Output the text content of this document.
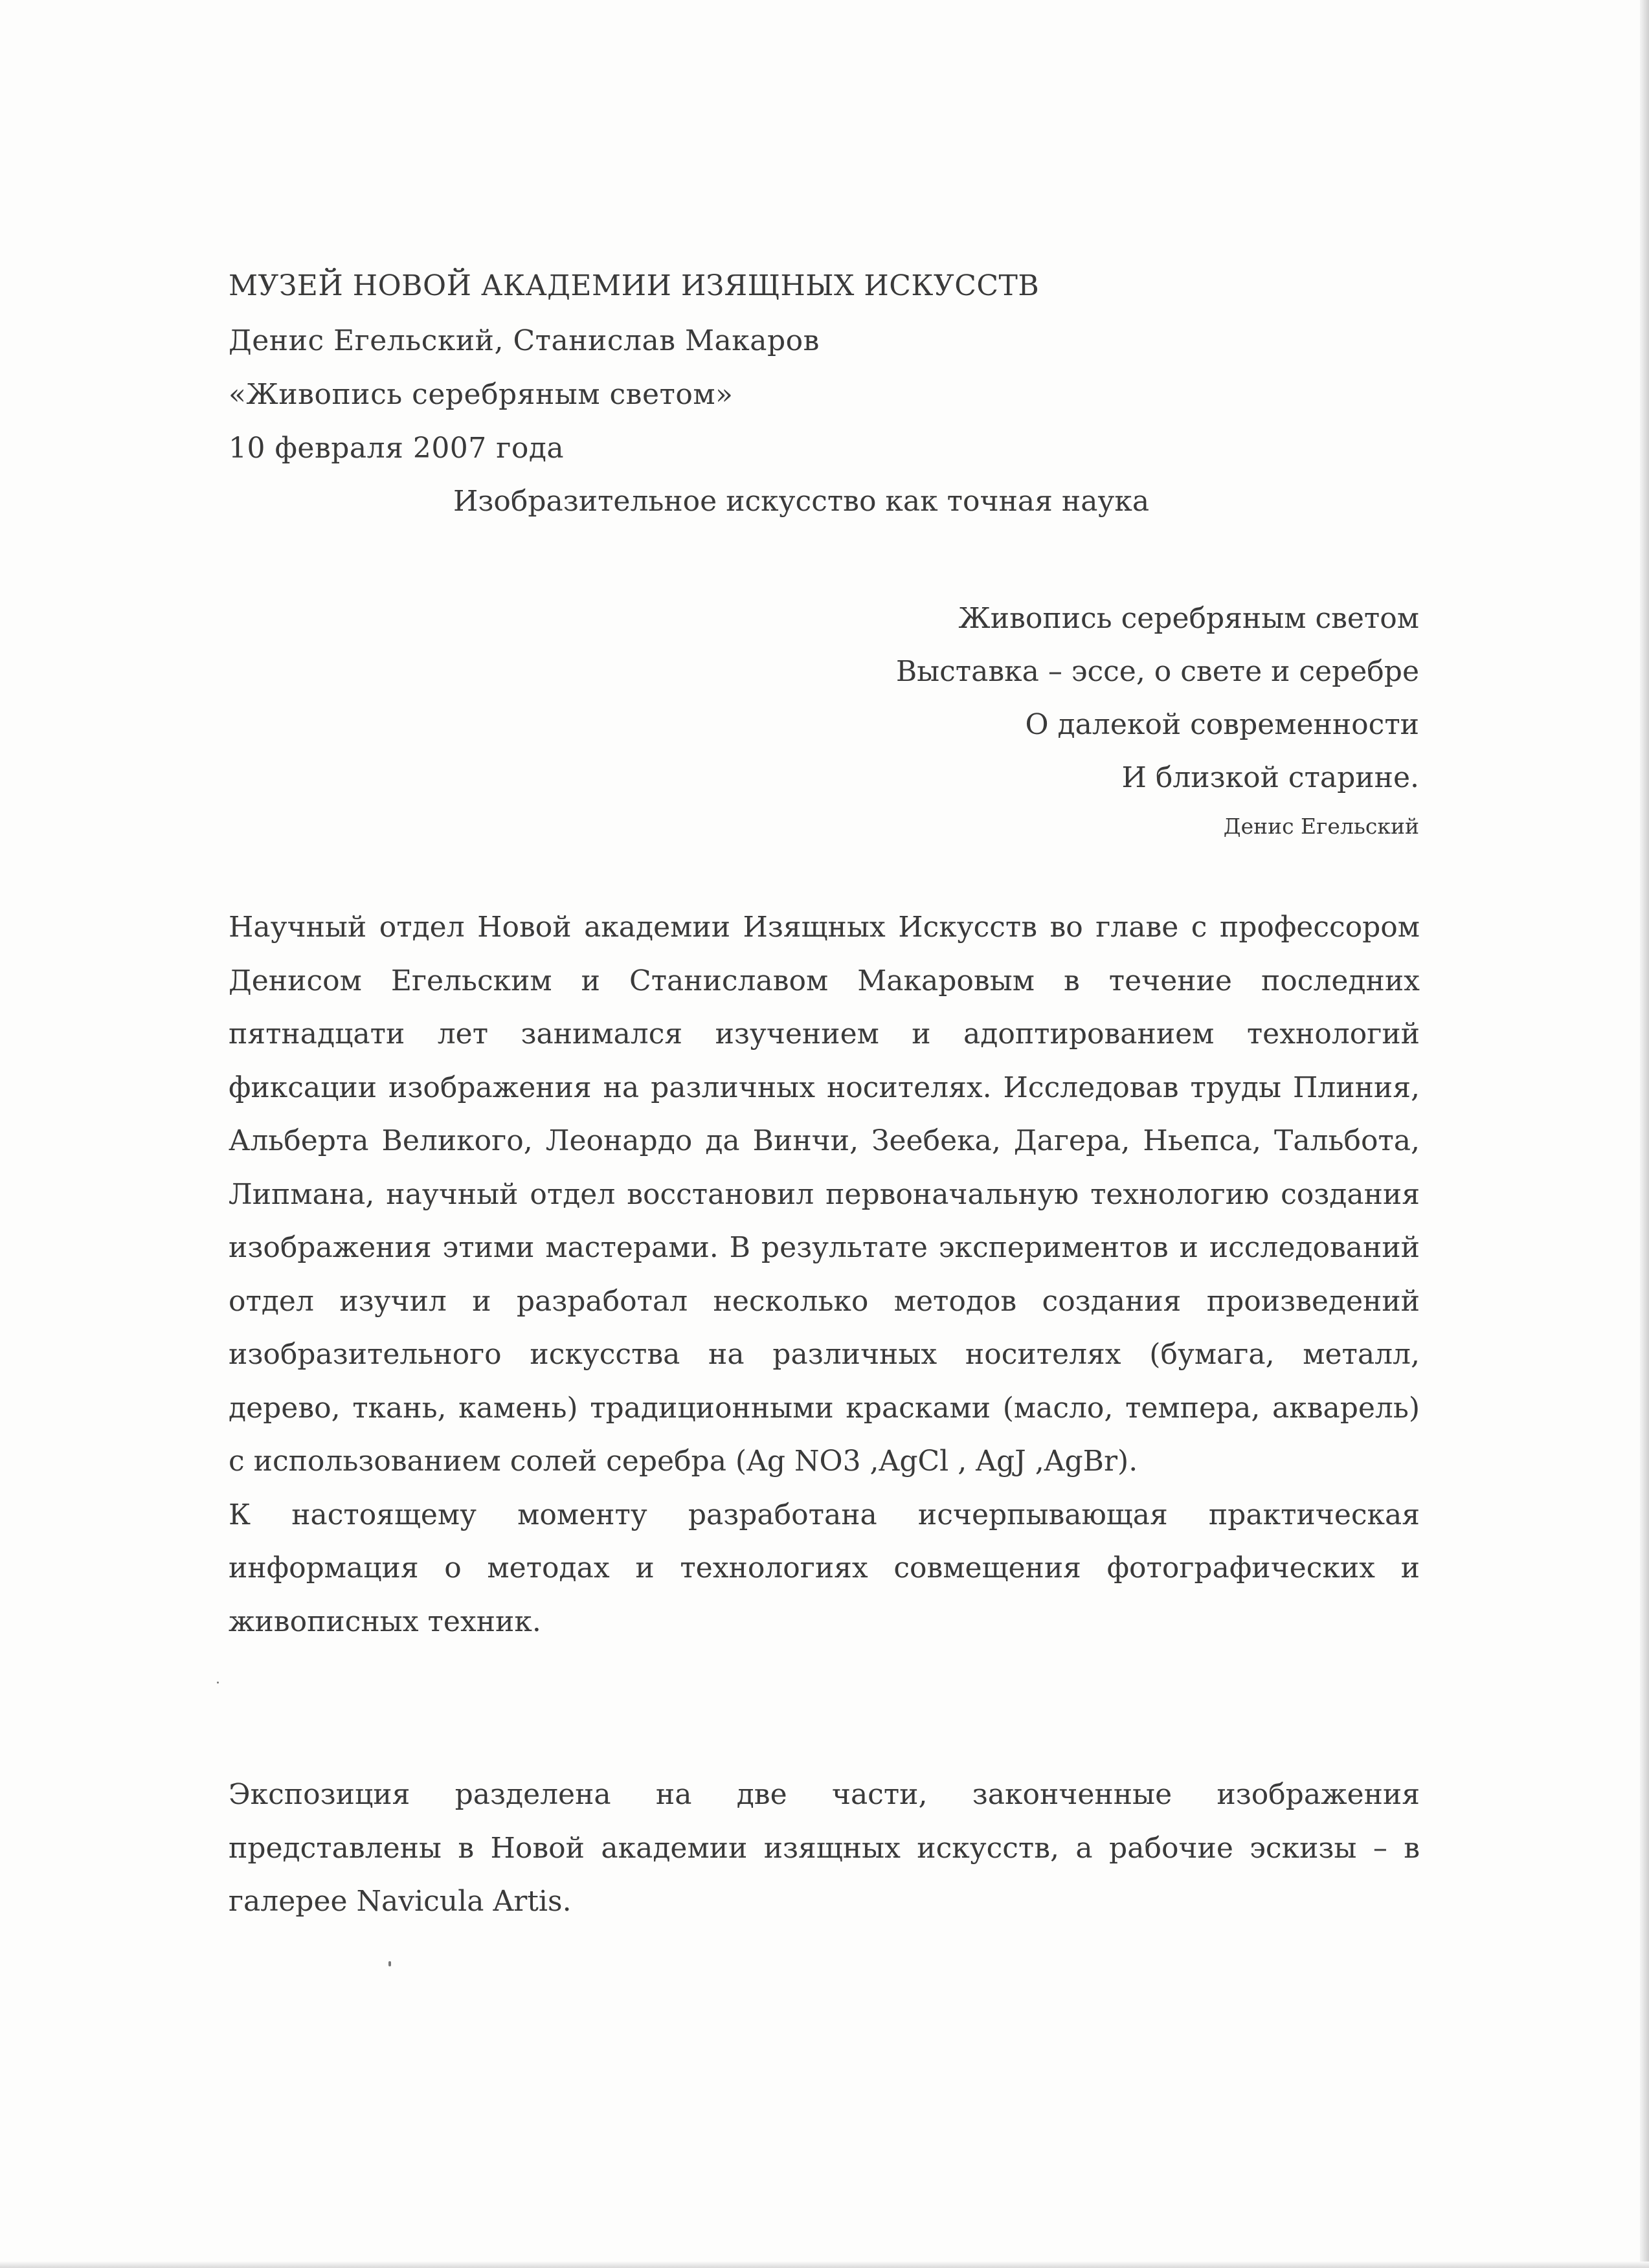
МУЗЕЙ НОВОЙ АКАДЕМИИ ИЗЯЩНЫХ ИСКУССТВ
Денис Егельский, Станислав Макаров
«Живопись серебряным светом»
10 февраля 2007 года
Изобразительное искусство как точная наука
Живопись серебряным светом
Выставка – эссе, о свете и серебре
О далекой современности
И близкой старине.
Денис Егельский

Научный отдел Новой академии Изящных Искусств во главе с профессором Денисом Егельским и Станиславом Макаровым в течение последних пятнадцати лет занимался изучением и адоптированием технологий фиксации изображения на различных носителях. Исследовав труды Плиния, Альберта Великого, Леонардо да Винчи, Зеебека, Дагера, Ньепса, Тальбота, Липмана, научный отдел восстановил первоначальную технологию создания изображения этими мастерами. В результате экспериментов и исследований отдел изучил и разработал несколько методов создания произведений изобразительного искусства на различных носителях (бумага, металл, дерево, ткань, камень) традиционными красками (масло, темпера, акварель) с использованием солей серебра (Ag NO3 ,AgCl , AgJ ,AgBr).

К настоящему моменту разработана исчерпывающая практическая информация о методах и технологиях совмещения фотографических и живописных техник.

Экспозиция разделена на две части, законченные изображения представлены в Новой академии изящных искусств, а рабочие эскизы – в галерее Navicula Artis.
